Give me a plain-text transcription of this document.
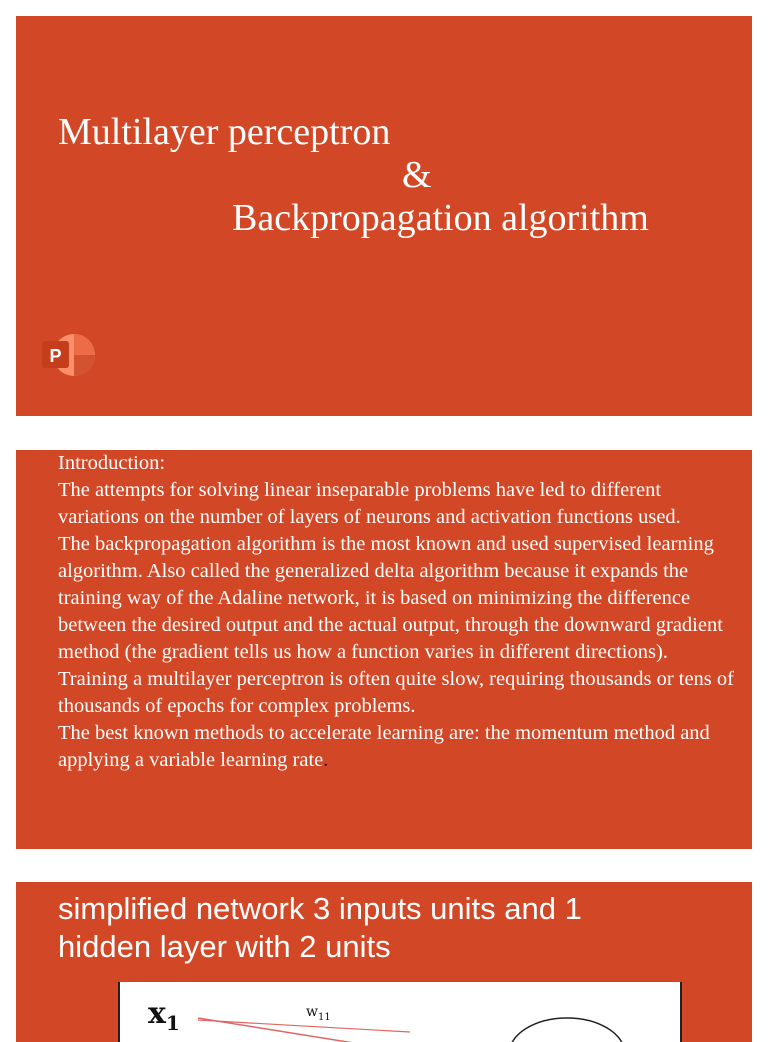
Multilayer perceptron
&
Backpropagation algorithm
P

Introduction:

The attempts for solving linear inseparable problems have led to different variations on the number of layers of neurons and activation functions used.

The backpropagation algorithm is the most known and used supervised learning algorithm. Also called the generalized delta algorithm because it expands the training way of the Adaline network, it is based on minimizing the difference between the desired output and the actual output, through the downward gradient method (the gradient tells us how a function varies in different directions).

Training a multilayer perceptron is often quite slow, requiring thousands or tens of thousands of epochs for complex problems.

The best known methods to accelerate learning are: the momentum method and applying a variable learning rate.

simplified network 3 inputs units and 1
hidden layer with 2 units
$x_1$	$w_{11}$
